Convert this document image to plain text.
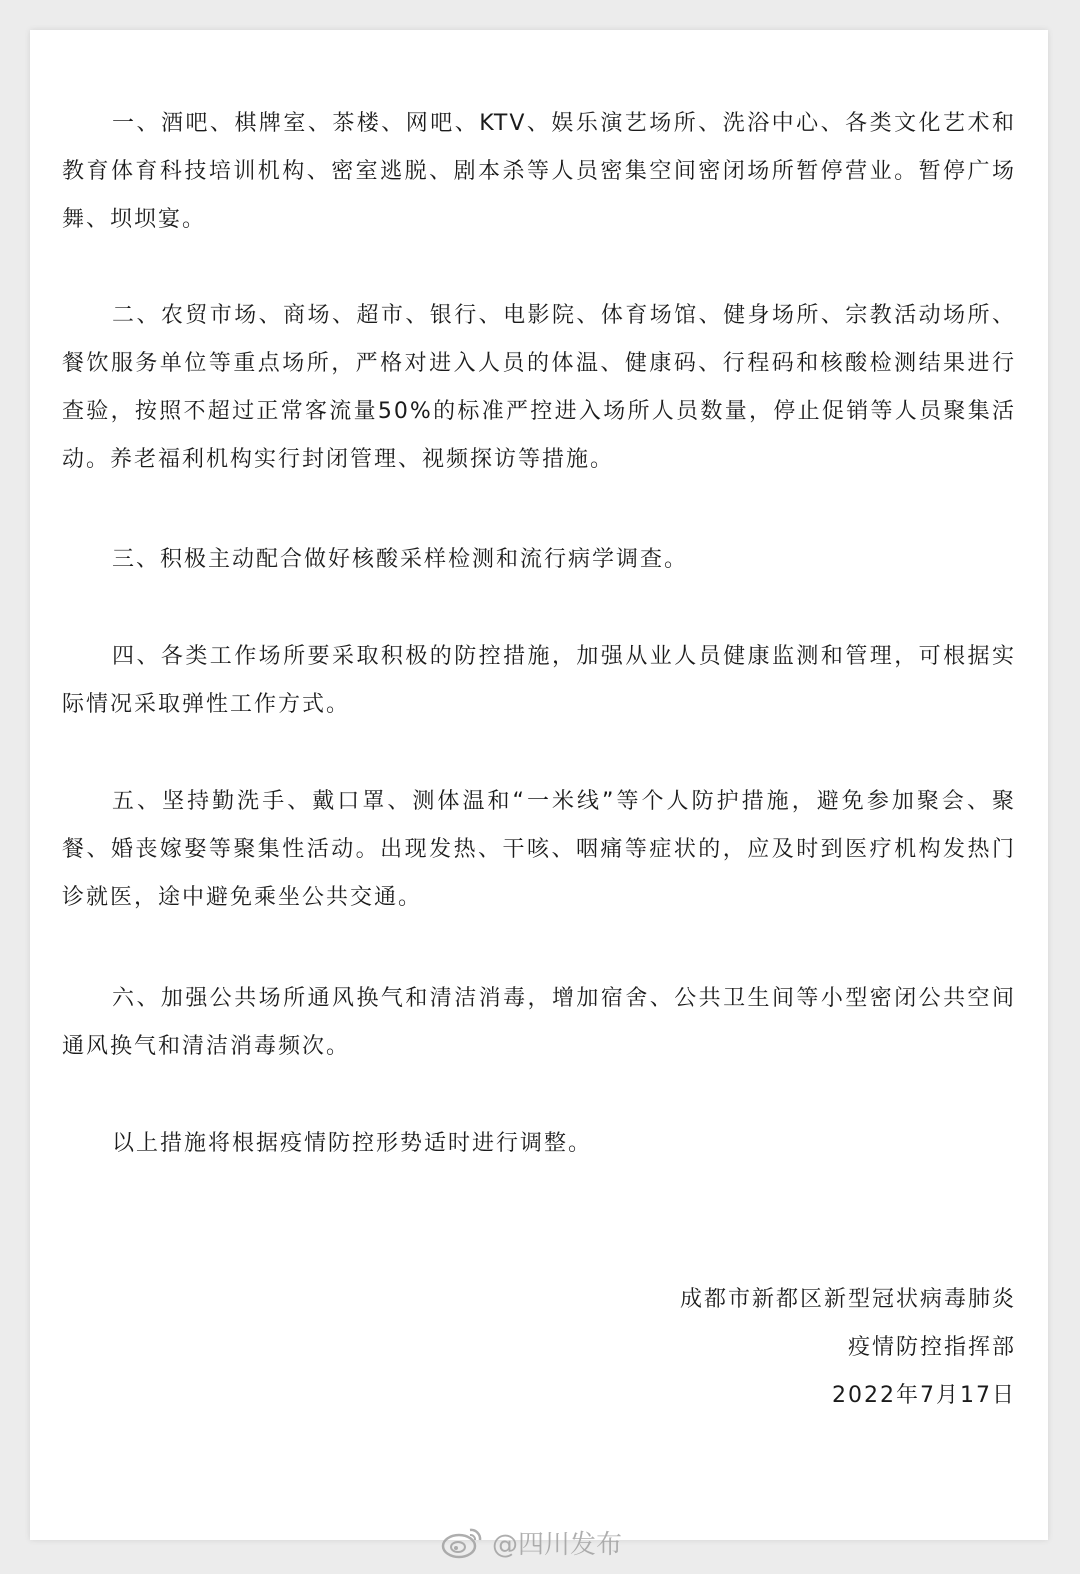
一、酒吧、棋牌室、茶楼、网吧、KTV、娱乐演艺场所、洗浴中心、各类文化艺术和教育体育科技培训机构、密室逃脱、剧本杀等人员密集空间密闭场所暂停营业。暂停广场舞、坝坝宴。

二、农贸市场、商场、超市、银行、电影院、体育场馆、健身场所、宗教活动场所、餐饮服务单位等重点场所，严格对进入人员的体温、健康码、行程码和核酸检测结果进行查验，按照不超过正常客流量50%的标准严控进入场所人员数量，停止促销等人员聚集活动。养老福利机构实行封闭管理、视频探访等措施。

三、积极主动配合做好核酸采样检测和流行病学调查。

四、各类工作场所要采取积极的防控措施，加强从业人员健康监测和管理，可根据实际情况采取弹性工作方式。

五、坚持勤洗手、戴口罩、测体温和“一米线”等个人防护措施，避免参加聚会、聚餐、婚丧嫁娶等聚集性活动。出现发热、干咳、咽痛等症状的，应及时到医疗机构发热门诊就医，途中避免乘坐公共交通。

六、加强公共场所通风换气和清洁消毒，增加宿舍、公共卫生间等小型密闭公共空间通风换气和清洁消毒频次。

以上措施将根据疫情防控形势适时进行调整。

成都市新都区新型冠状病毒肺炎
疫情防控指挥部
2022年7月17日
@四川发布
